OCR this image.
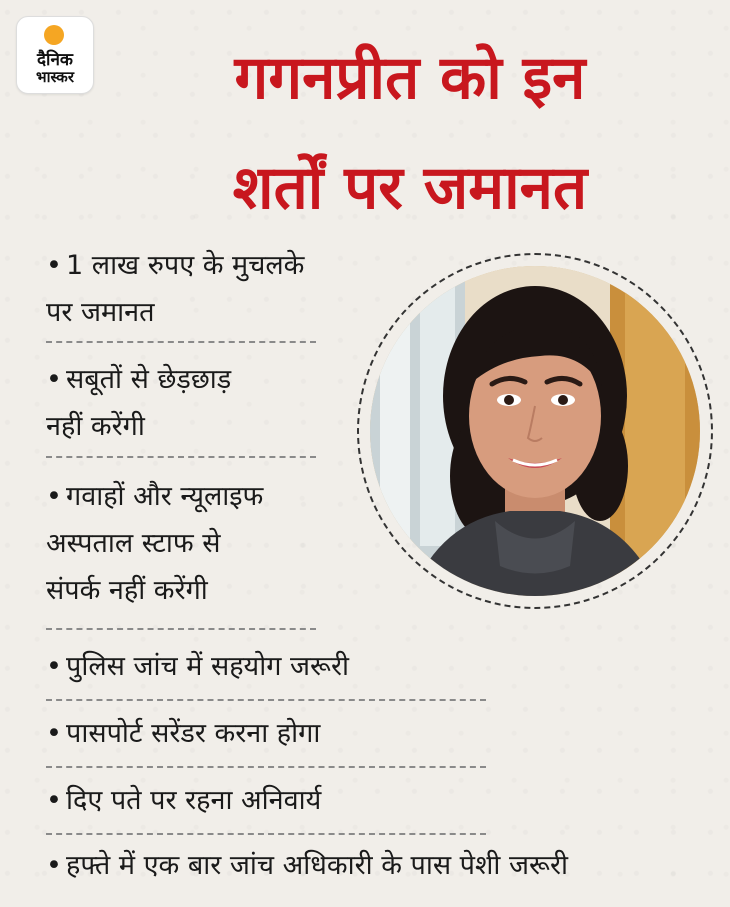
दैनिक
भास्कर	गगनप्रीत को इन
शर्तों पर जमानत
• 1 लाख रुपए के मुचलके
पर जमानत
• सबूतों से छेड़छाड़
नहीं करेंगी
• गवाहों और न्यूलाइफ
अस्पताल स्टाफ से
संपर्क नहीं करेंगी
• पुलिस जांच में सहयोग जरूरी
• पासपोर्ट सरेंडर करना होगा
• दिए पते पर रहना अनिवार्य
• हफ्ते में एक बार जांच अधिकारी के पास पेशी जरूरी
